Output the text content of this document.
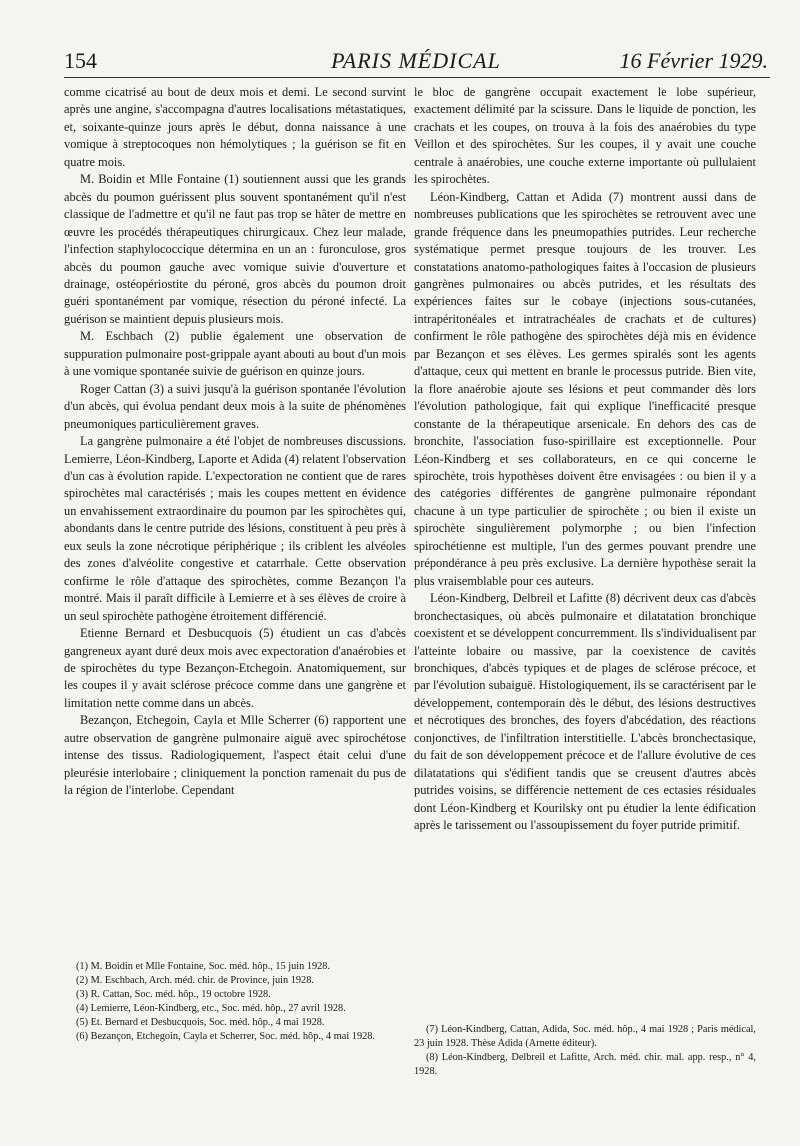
154	PARIS MÉDICAL	16 Février 1929.

comme cicatrisé au bout de deux mois et demi. Le second survint après une angine, s'accompagna d'autres localisations métastatiques, et, soixante-quinze jours après le début, donna naissance à une vomique à streptocoques non hémolytiques ; la guérison se fit en quatre mois.

M. Boidin et Mlle Fontaine (1) soutiennent aussi que les grands abcès du poumon guérissent plus souvent spontanément qu'il n'est classique de l'admettre et qu'il ne faut pas trop se hâter de mettre en œuvre les procédés thérapeutiques chirurgicaux. Chez leur malade, l'infection staphylococcique détermina en un an : furonculose, gros abcès du poumon gauche avec vomique suivie d'ouverture et drainage, ostéopériostite du péroné, gros abcès du poumon droit guéri spontanément par vomique, résection du péroné infecté. La guérison se maintient depuis plusieurs mois.

M. Eschbach (2) publie également une observation de suppuration pulmonaire post-grippale ayant abouti au bout d'un mois à une vomique spontanée suivie de guérison en quinze jours.

Roger Cattan (3) a suivi jusqu'à la guérison spontanée l'évolution d'un abcès, qui évolua pendant deux mois à la suite de phénomènes pneumoniques particulièrement graves.

La gangrène pulmonaire a été l'objet de nombreuses discussions. Lemierre, Léon-Kindberg, Laporte et Adida (4) relatent l'observation d'un cas à évolution rapide. L'expectoration ne contient que de rares spirochètes mal caractérisés ; mais les coupes mettent en évidence un envahissement extraordinaire du poumon par les spirochètes qui, abondants dans le centre putride des lésions, constituent à peu près à eux seuls la zone nécrotique périphérique ; ils criblent les alvéoles des zones d'alvéolite congestive et catarrhale. Cette observation confirme le rôle d'attaque des spirochètes, comme Bezançon l'a montré. Mais il paraît difficile à Lemierre et à ses élèves de croire à un seul spirochète pathogène étroitement différencié.

Etienne Bernard et Desbucquois (5) étudient un cas d'abcès gangreneux ayant duré deux mois avec expectoration d'anaérobies et de spirochètes du type Bezançon-Etchegoin. Anatomiquement, sur les coupes il y avait sclérose précoce comme dans une gangrène et limitation nette comme dans un abcès.

Bezançon, Etchegoin, Cayla et Mlle Scherrer (6) rapportent une autre observation de gangrène pulmonaire aiguë avec spirochétose intense des tissus. Radiologiquement, l'aspect était celui d'une pleurésie interlobaire ; cliniquement la ponction ramenait du pus de la région de l'interlobe. Cependant

le bloc de gangrène occupait exactement le lobe supérieur, exactement délimité par la scissure. Dans le liquide de ponction, les crachats et les coupes, on trouva à la fois des anaérobies du type Veillon et des spirochètes. Sur les coupes, il y avait une couche centrale à anaérobies, une couche externe importante où pullulaient les spirochètes.

Léon-Kindberg, Cattan et Adida (7) montrent aussi dans de nombreuses publications que les spirochètes se retrouvent avec une grande fréquence dans les pneumopathies putrides. Leur recherche systématique permet presque toujours de les trouver. Les constatations anatomo-pathologiques faites à l'occasion de plusieurs gangrènes pulmonaires ou abcès putrides, et les résultats des expériences faites sur le cobaye (injections sous-cutanées, intrapéritonéales et intratrachéales de crachats et de cultures) confirment le rôle pathogène des spirochètes déjà mis en évidence par Bezançon et ses élèves. Les germes spiralés sont les agents d'attaque, ceux qui mettent en branle le processus putride. Bien vite, la flore anaérobie ajoute ses lésions et peut commander dès lors l'évolution pathologique, fait qui explique l'inefficacité presque constante de la thérapeutique arsenicale. En dehors des cas de bronchite, l'association fuso-spirillaire est exceptionnelle. Pour Léon-Kindberg et ses collaborateurs, en ce qui concerne le spirochète, trois hypothèses doivent être envisagées : ou bien il y a des catégories différentes de gangrène pulmonaire répondant chacune à un type particulier de spirochète ; ou bien il existe un spirochète singulièrement polymorphe ; ou bien l'infection spirochétienne est multiple, l'un des germes pouvant prendre une prépondérance à peu près exclusive. La dernière hypothèse serait la plus vraisemblable pour ces auteurs.

Léon-Kindberg, Delbreil et Lafitte (8) décrivent deux cas d'abcès bronchectasiques, où abcès pulmonaire et dilatatation bronchique coexistent et se développent concurremment. Ils s'individualisent par l'atteinte lobaire ou massive, par la coexistence de cavités bronchiques, d'abcès typiques et de plages de sclérose précoce, et par l'évolution subaiguë. Histologiquement, ils se caractérisent par le développement, contemporain dès le début, des lésions destructives et nécrotiques des bronches, des foyers d'abcédation, des réactions conjonctives, de l'infiltration interstitielle. L'abcès bronchectasique, du fait de son développement précoce et de l'allure évolutive de ces dilatatations qui s'édifient tandis que se creusent d'autres abcès putrides voisins, se différencie nettement de ces ectasies résiduales dont Léon-Kindberg et Kourilsky ont pu étudier la lente édification après le tarissement ou l'assoupissement du foyer putride primitif.

(1) M. Boidin et Mlle Fontaine, Soc. méd. hôp., 15 juin 1928.

(2) M. Eschbach, Arch. méd. chir. de Province, juin 1928.

(3) R. Cattan, Soc. méd. hôp., 19 octobre 1928.

(4) Lemierre, Léon-Kindberg, etc., Soc. méd. hôp., 27 avril 1928.

(5) Et. Bernard et Desbucquois, Soc. méd. hôp., 4 mai 1928.

(6) Bezançon, Etchegoin, Cayla et Scherrer, Soc. méd. hôp., 4 mai 1928.

(7) Léon-Kindberg, Cattan, Adida, Soc. méd. hôp., 4 mai 1928 ; Paris médical, 23 juin 1928. Thèse Adida (Arnette éditeur).

(8) Léon-Kindberg, Delbreil et Lafitte, Arch. méd. chir. mal. app. resp., n° 4, 1928.
